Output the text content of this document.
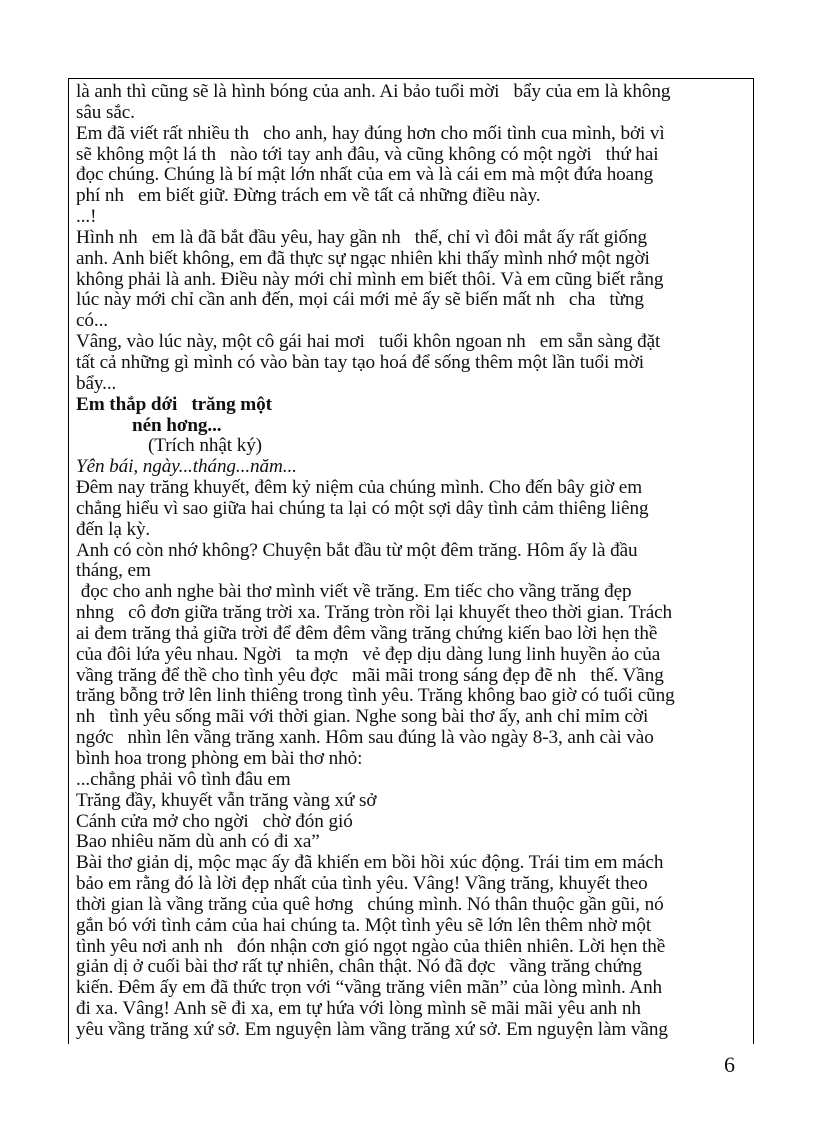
là anh thì cũng sẽ là hình bóng của anh. Ai bảo tuổi mời   bẩy của em là không
sâu sắc.
Em đã viết rất nhiều th   cho anh, hay đúng hơn cho mối tình cua mình, bởi vì
sẽ không một lá th   nào tới tay anh đâu, và cũng không có một ngời   thứ hai
đọc chúng. Chúng là bí mật lớn nhất của em và là cái em mà một đứa hoang
phí nh   em biết giữ. Đừng trách em về tất cả những điều này.
...!
Hình nh   em là đã bắt đầu yêu, hay gần nh   thế, chỉ vì đôi mắt ấy rất giống
anh. Anh biết không, em đã thực sự ngạc nhiên khi thấy mình nhớ một ngời
không phải là anh. Điều này mới chỉ mình em biết thôi. Và em cũng biết rằng
lúc này mới chỉ cần anh đến, mọi cái mới mẻ ấy sẽ biến mất nh   cha   từng
có...
Vâng, vào lúc này, một cô gái hai mơi   tuổi khôn ngoan nh   em sẵn sàng đặt
tất cả những gì mình có vào bàn tay tạo hoá để sống thêm một lần tuổi mời
bẩy...
Em thắp dới   trăng một
nén hơng...
(Trích nhật ký)
Yên bái, ngày...tháng...năm...
Đêm nay trăng khuyết, đêm kỷ niệm của chúng mình. Cho đến bây giờ em
chẳng hiểu vì sao giữa hai chúng ta lại có một sợi dây tình cảm thiêng liêng
đến lạ kỳ.
Anh có còn nhớ không? Chuyện bắt đầu từ một đêm trăng. Hôm ấy là đầu
tháng, em
đọc cho anh nghe bài thơ mình viết về trăng. Em tiếc cho vầng trăng đẹp
nhng   cô đơn giữa trăng trời xa. Trăng tròn rồi lại khuyết theo thời gian. Trách
ai đem trăng thả giữa trời để đêm đêm vầng trăng chứng kiến bao lời hẹn thề
của đôi lứa yêu nhau. Ngời   ta mợn   vẻ đẹp dịu dàng lung linh huyền ảo của
vầng trăng để thề cho tình yêu đợc   mãi mãi trong sáng đẹp đẽ nh   thế. Vầng
trăng bỗng trở lên linh thiêng trong tình yêu. Trăng không bao giờ có tuổi cũng
nh   tình yêu sống mãi với thời gian. Nghe song bài thơ ấy, anh chỉ mỉm cời
ngớc   nhìn lên vầng trăng xanh. Hôm sau đúng là vào ngày 8-3, anh cài vào
bình hoa trong phòng em bài thơ nhỏ:
...chẳng phải vô tình đâu em
Trăng đầy, khuyết vẫn trăng vàng xứ sở
Cánh cửa mở cho ngời   chờ đón gió
Bao nhiêu năm dù anh có đi xa”
Bài thơ giản dị, mộc mạc ấy đã khiến em bồi hồi xúc động. Trái tim em mách
bảo em rằng đó là lời đẹp nhất của tình yêu. Vâng! Vầng trăng, khuyết theo
thời gian là vầng trăng của quê hơng   chúng mình. Nó thân thuộc gần gũi, nó
gắn bó với tình cảm của hai chúng ta. Một tình yêu sẽ lớn lên thêm nhờ một
tình yêu nơi anh nh   đón nhận cơn gió ngọt ngào của thiên nhiên. Lời hẹn thề
giản dị ở cuối bài thơ rất tự nhiên, chân thật. Nó đã đợc   vầng trăng chứng
kiến. Đêm ấy em đã thức trọn với “vầng trăng viên mãn” của lòng mình. Anh
đi xa. Vâng! Anh sẽ đi xa, em tự hứa với lòng mình sẽ mãi mãi yêu anh nh
yêu vầng trăng xứ sở. Em nguyện làm vầng trăng xứ sở. Em nguyện làm vầng
6
